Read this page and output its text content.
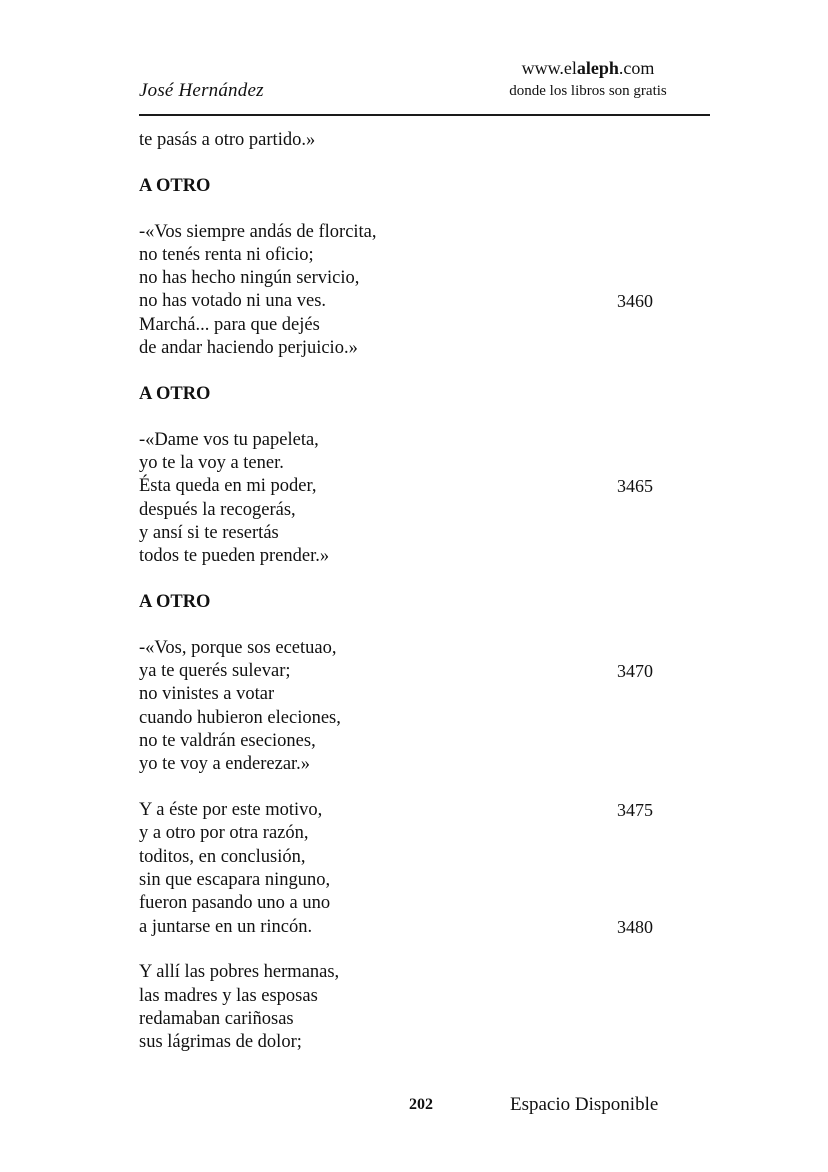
José Hernández
www.elaleph.com
donde los libros son gratis
te pasás a otro partido.»
A OTRO
-«Vos siempre andás de florcita,
no tenés renta ni oficio;
no has hecho ningún servicio,
no has votado ni una ves.	3460
Marchá... para que dejés
de andar haciendo perjuicio.»
A OTRO
-«Dame vos tu papeleta,
yo te la voy a tener.
Ésta queda en mi poder,	3465
después la recogerás,
y ansí si te resertás
todos te pueden prender.»
A OTRO
-«Vos, porque sos ecetuao,
ya te querés sulevar;	3470
no vinistes a votar
cuando hubieron eleciones,
no te valdrán eseciones,
yo te voy a enderezar.»
Y a éste por este motivo,	3475
y a otro por otra razón,
toditos, en conclusión,
sin que escapara ninguno,
fueron pasando uno a uno
a juntarse en un rincón.	3480
Y allí las pobres hermanas,
las madres y las esposas
redamaban cariñosas
sus lágrimas de dolor;
202	Espacio Disponible
